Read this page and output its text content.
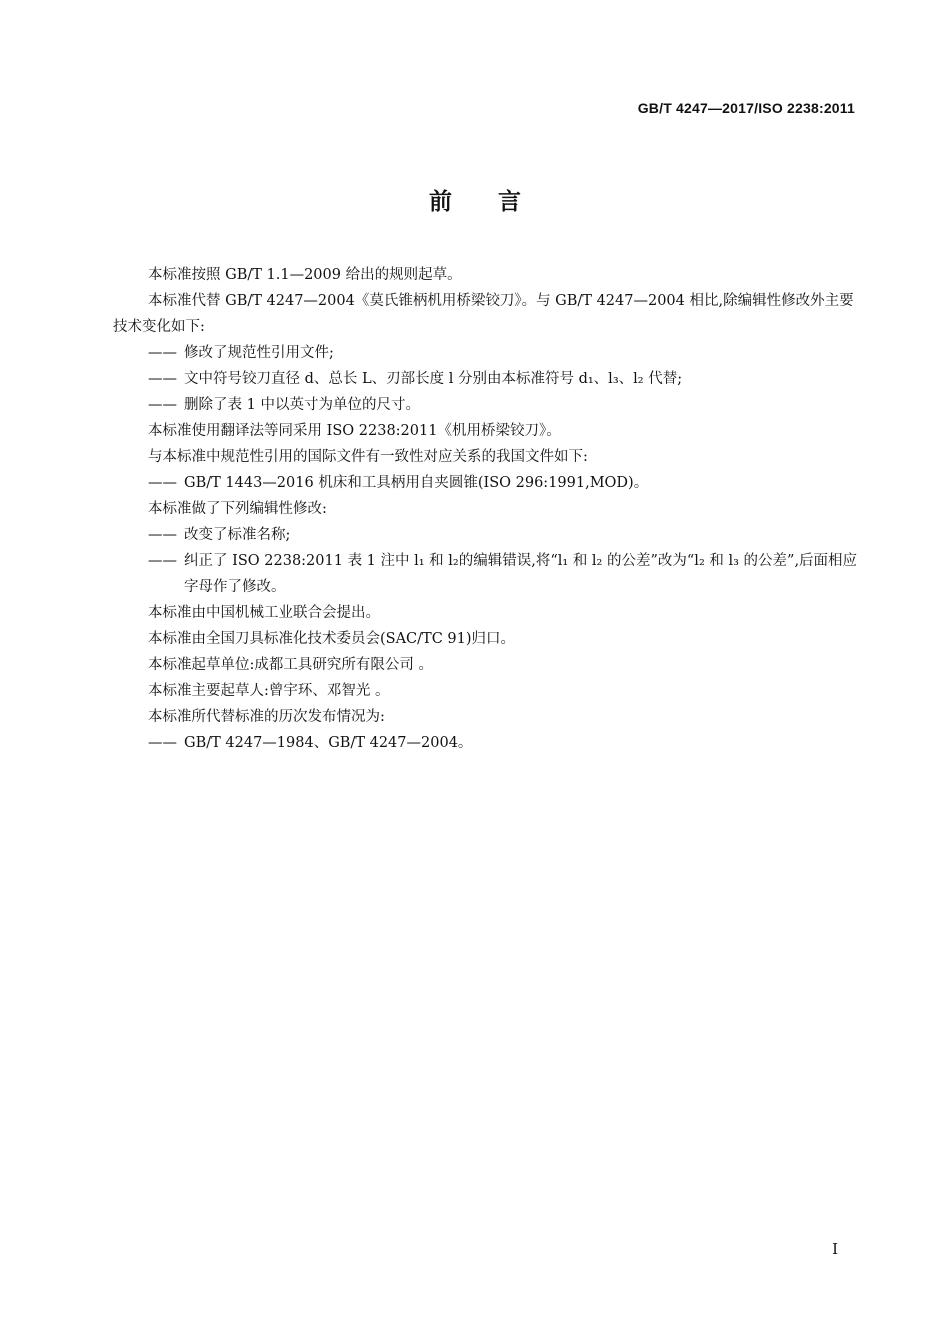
GB/T 4247—2017/ISO 2238:2011
前言

本标准按照 GB/T 1.1—2009 给出的规则起草。

本标准代替 GB/T 4247—2004《莫氏锥柄机用桥梁铰刀》。与 GB/T 4247—2004 相比,除编辑性修改外主要技术变化如下:

—— 修改了规范性引用文件;

—— 文中符号铰刀直径 d、总长 L、刃部长度 l 分别由本标准符号 d₁、l₃、l₂ 代替;

—— 删除了表 1 中以英寸为单位的尺寸。

本标准使用翻译法等同采用 ISO 2238:2011《机用桥梁铰刀》。

与本标准中规范性引用的国际文件有一致性对应关系的我国文件如下:

—— GB/T 1443—2016 机床和工具柄用自夹圆锥(ISO 296:1991,MOD)。

本标准做了下列编辑性修改:

—— 改变了标准名称;

—— 纠正了 ISO 2238:2011 表 1 注中 l₁ 和 l₂的编辑错误,将“l₁ 和 l₂ 的公差”改为“l₂ 和 l₃ 的公差”,后面相应字母作了修改。

本标准由中国机械工业联合会提出。

本标准由全国刀具标准化技术委员会(SAC/TC 91)归口。

本标准起草单位:成都工具研究所有限公司 。

本标准主要起草人:曾宇环、邓智光 。

本标准所代替标准的历次发布情况为:

—— GB/T 4247—1984、GB/T 4247—2004。

I
